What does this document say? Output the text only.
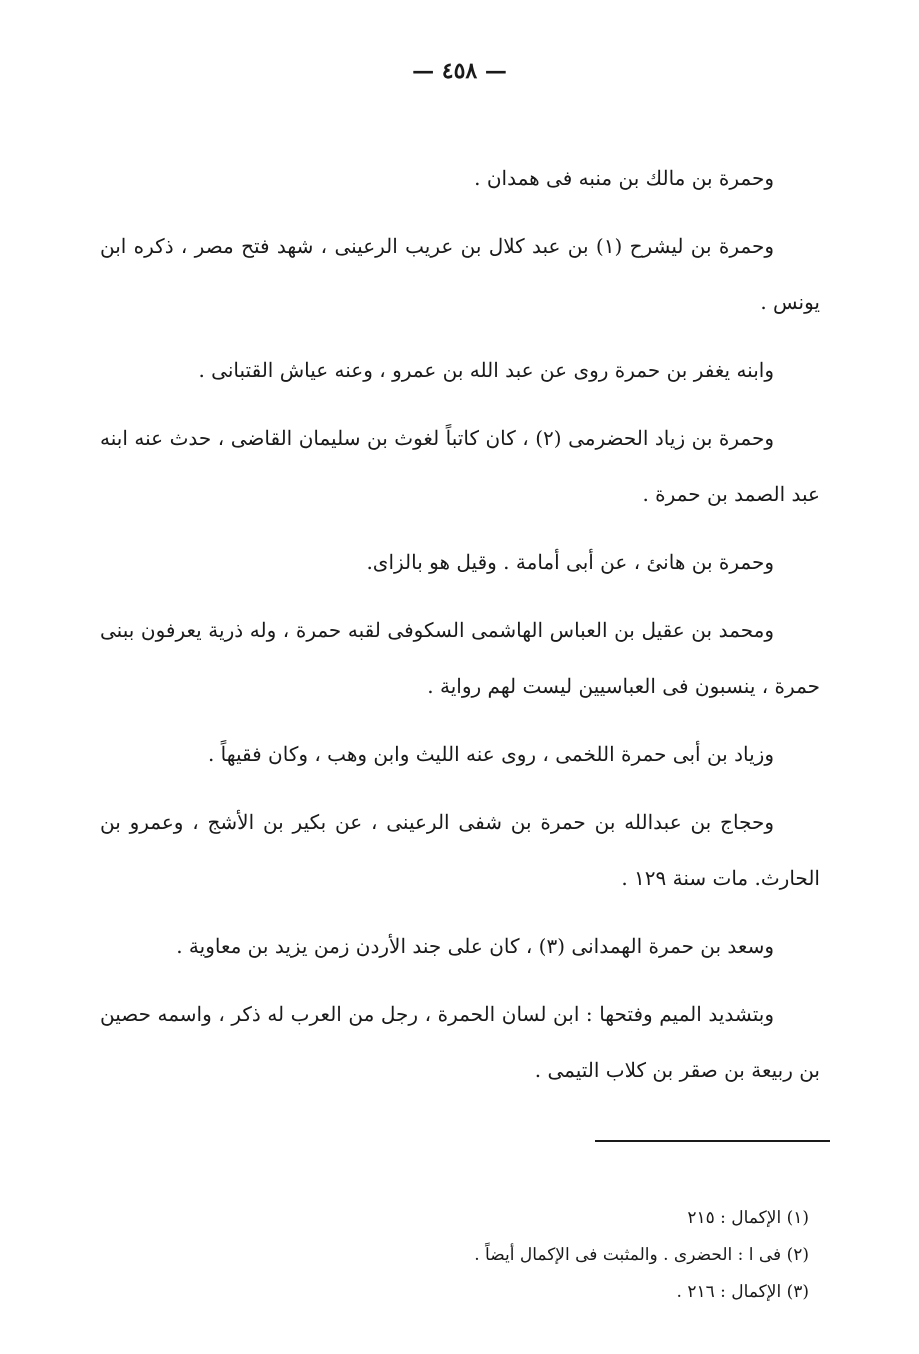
— ٤٥٨ —

وحمرة بن مالك بن منبه فى همدان .

وحمرة بن ليشرح (١) بن عبد كلال بن عريب الرعينى ، شهد فتح مصر ، ذكره ابن يونس .

وابنه يغفر بن حمرة روى عن عبد الله بن عمرو ، وعنه عياش القتبانى .

وحمرة بن زياد الحضرمى (٢) ، كان كاتباً لغوث بن سليمان القاضى ، حدث عنه ابنه عبد الصمد بن حمرة .

وحمرة بن هانئ ، عن أبى أمامة . وقيل هو بالزاى.

ومحمد بن عقيل بن العباس الهاشمى السكوفى لقبه حمرة ، وله ذرية يعرفون ببنى حمرة ، ينسبون فى العباسيين ليست لهم رواية .

وزياد بن أبى حمرة اللخمى ، روى عنه الليث وابن وهب ، وكان فقيهاً .

وحجاج بن عبدالله بن حمرة بن شفى الرعينى ، عن بكير بن الأشج ، وعمرو بن الحارث. مات سنة ١٢٩ .

وسعد بن حمرة الهمدانى (٣) ، كان على جند الأردن زمن يزيد بن معاوية .

وبتشديد الميم وفتحها : ابن لسان الحمرة ، رجل من العرب له ذكر ، واسمه حصين بن ربيعة بن صقر بن كلاب التيمى .

(١) الإكمال : ٢١٥

(٢) فى ا : الحضرى . والمثبت فى الإكمال أيضاً .

(٣) الإكمال : ٢١٦ .
